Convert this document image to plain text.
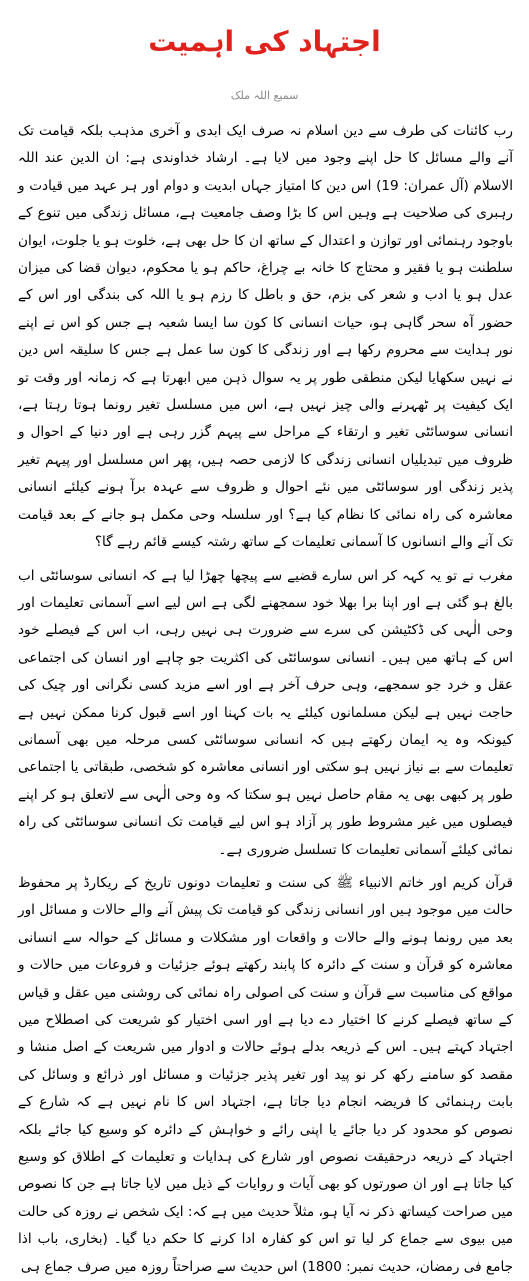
اجتہاد کی اہمیت
سمیع اللہ ملک

رب کائنات کی طرف سے دین اسلام نہ صرف ایک ابدی و آخری مذہب بلکہ قیامت تک آنے والے مسائل کا حل اپنے وجود میں لایا ہے۔ ارشاد خداوندی ہے: ان الدین عند اللہ الاسلام (آل عمران: 19) اس دین کا امتیاز جہاں ابدیت و دوام اور ہر عہد میں قیادت و رہبری کی صلاحیت ہے وہیں اس کا بڑا وصف جامعیت ہے، مسائل زندگی میں تنوع کے باوجود رہنمائی اور توازن و اعتدال کے ساتھ ان کا حل بھی ہے، خلوت ہو یا جلوت، ایوان سلطنت ہو یا فقیر و محتاج کا خانہ بے چراغ، حاکم ہو یا محکوم، دیوان قضا کی میزان عدل ہو یا ادب و شعر کی بزم، حق و باطل کا رزم ہو یا اللہ کی بندگی اور اس کے حضور آہ سحر گاہی ہو، حیات انسانی کا کون سا ایسا شعبہ ہے جس کو اس نے اپنے نور ہدایت سے محروم رکھا ہے اور زندگی کا کون سا عمل ہے جس کا سلیقہ اس دین نے نہیں سکھایا لیکن منطقی طور پر یہ سوال ذہن میں ابھرتا ہے کہ زمانہ اور وقت تو ایک کیفیت پر ٹھہرنے والی چیز نہیں ہے، اس میں مسلسل تغیر رونما ہوتا رہتا ہے، انسانی سوسائٹی تغیر و ارتقاء کے مراحل سے پیہم گزر رہی ہے اور دنیا کے احوال و ظروف میں تبدیلیاں انسانی زندگی کا لازمی حصہ ہیں، پھر اس مسلسل اور پیہم تغیر پذیر زندگی اور سوسائٹی میں نئے احوال و ظروف سے عہدہ برآ ہونے کیلئے انسانی معاشرہ کی راہ نمائی کا نظام کیا ہے؟ اور سلسلہ وحی مکمل ہو جانے کے بعد قیامت تک آنے والے انسانوں کا آسمانی تعلیمات کے ساتھ رشتہ کیسے قائم رہے گا؟

مغرب نے تو یہ کہہ کر اس سارے قضیے سے پیچھا چھڑا لیا ہے کہ انسانی سوسائٹی اب بالغ ہو گئی ہے اور اپنا برا بھلا خود سمجھنے لگی ہے اس لیے اسے آسمانی تعلیمات اور وحی الٰہی کی ڈکٹیشن کی سرے سے ضرورت ہی نہیں رہی، اب اس کے فیصلے خود اس کے ہاتھ میں ہیں۔ انسانی سوسائٹی کی اکثریت جو چاہے اور انسان کی اجتماعی عقل و خرد جو سمجھے، وہی حرف آخر ہے اور اسے مزید کسی نگرانی اور چیک کی حاجت نہیں ہے لیکن مسلمانوں کیلئے یہ بات کہنا اور اسے قبول کرنا ممکن نہیں ہے کیونکہ وہ یہ ایمان رکھتے ہیں کہ انسانی سوسائٹی کسی مرحلہ میں بھی آسمانی تعلیمات سے بے نیاز نہیں ہو سکتی اور انسانی معاشرہ کو شخصی، طبقاتی یا اجتماعی طور پر کبھی بھی یہ مقام حاصل نہیں ہو سکتا کہ وہ وحی الٰہی سے لاتعلق ہو کر اپنے فیصلوں میں غیر مشروط طور پر آزاد ہو اس لیے قیامت تک انسانی سوسائٹی کی راہ نمائی کیلئے آسمانی تعلیمات کا تسلسل ضروری ہے۔

قرآن کریم اور خاتم الانبیاء ﷺ کی سنت و تعلیمات دونوں تاریخ کے ریکارڈ پر محفوظ حالت میں موجود ہیں اور انسانی زندگی کو قیامت تک پیش آنے والے حالات و مسائل اور بعد میں رونما ہونے والے حالات و واقعات اور مشکلات و مسائل کے حوالہ سے انسانی معاشرہ کو قرآن و سنت کے دائرہ کا پابند رکھتے ہوئے جزئیات و فروعات میں حالات و مواقع کی مناسبت سے قرآن و سنت کی اصولی راہ نمائی کی روشنی میں عقل و قیاس کے ساتھ فیصلے کرنے کا اختیار دے دیا ہے اور اسی اختیار کو شریعت کی اصطلاح میں اجتہاد کہتے ہیں۔ اس کے ذریعہ بدلے ہوئے حالات و ادوار میں شریعت کے اصل منشا و مقصد کو سامنے رکھ کر نو پید اور تغیر پذیر جزئیات و مسائل اور ذرائع و وسائل کی بابت رہنمائی کا فریضہ انجام دیا جاتا ہے، اجتہاد اس کا نام نہیں ہے کہ شارع کے نصوص کو محدود کر دیا جائے یا اپنی رائے و خواہش کے دائرہ کو وسیع کیا جائے بلکہ اجتہاد کے ذریعہ درحقیقت نصوص اور شارع کی ہدایات و تعلیمات کے اطلاق کو وسیع کیا جاتا ہے اور ان صورتوں کو بھی آیات و روایات کے ذیل میں لایا جاتا ہے جن کا نصوص میں صراحت کیساتھ ذکر نہ آیا ہو، مثلاً حدیث میں ہے کہ: ایک شخص نے روزہ کی حالت میں بیوی سے جماع کر لیا تو اس کو کفارہ ادا کرنے کا حکم دیا گیا۔ (بخاری، باب اذا جامع فی رمضان، حدیث نمبر: 1800) اس حدیث سے صراحتاً روزہ میں صرف جماع ہی
